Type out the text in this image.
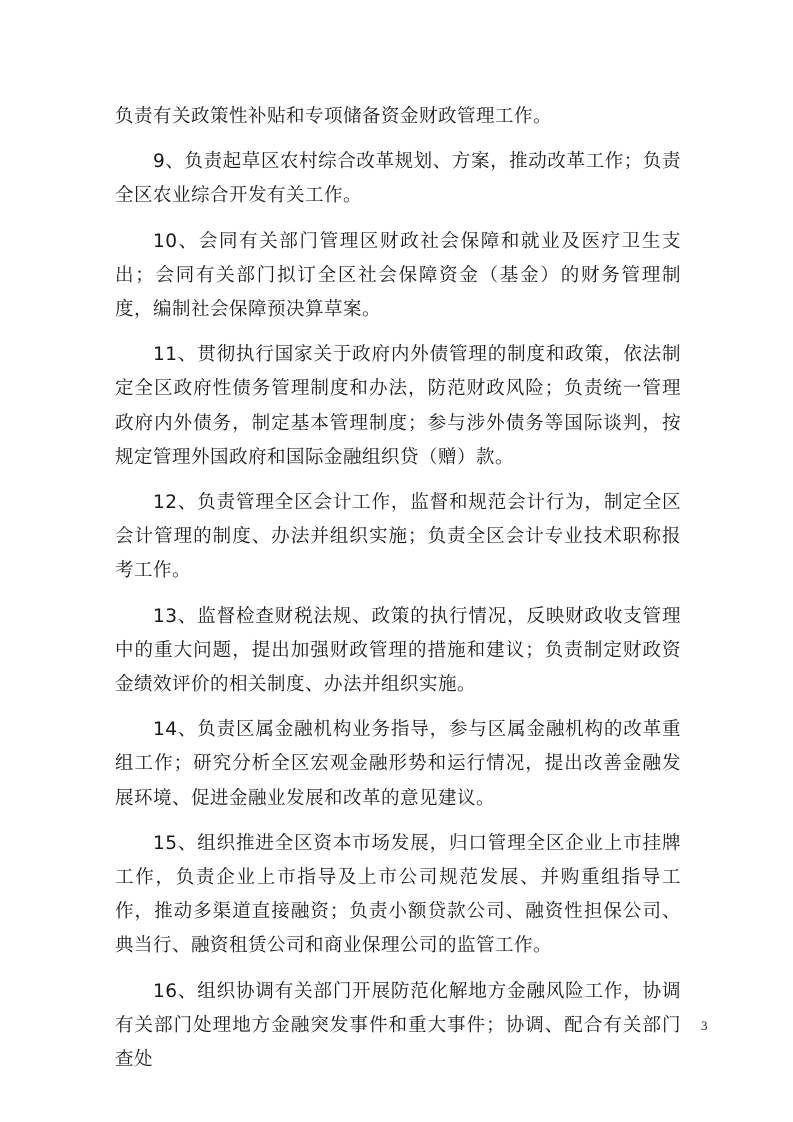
负责有关政策性补贴和专项储备资金财政管理工作。

9、负责起草区农村综合改革规划、方案，推动改革工作；负责全区农业综合开发有关工作。

10、会同有关部门管理区财政社会保障和就业及医疗卫生支出；会同有关部门拟订全区社会保障资金（基金）的财务管理制度，编制社会保障预决算草案。

11、贯彻执行国家关于政府内外债管理的制度和政策，依法制定全区政府性债务管理制度和办法，防范财政风险；负责统一管理政府内外债务，制定基本管理制度；参与涉外债务等国际谈判，按规定管理外国政府和国际金融组织贷（赠）款。

12、负责管理全区会计工作，监督和规范会计行为，制定全区会计管理的制度、办法并组织实施；负责全区会计专业技术职称报考工作。

13、监督检查财税法规、政策的执行情况，反映财政收支管理中的重大问题，提出加强财政管理的措施和建议；负责制定财政资金绩效评价的相关制度、办法并组织实施。

14、负责区属金融机构业务指导，参与区属金融机构的改革重组工作；研究分析全区宏观金融形势和运行情况，提出改善金融发展环境、促进金融业发展和改革的意见建议。

15、组织推进全区资本市场发展，归口管理全区企业上市挂牌工作，负责企业上市指导及上市公司规范发展、并购重组指导工作，推动多渠道直接融资；负责小额贷款公司、融资性担保公司、典当行、融资租赁公司和商业保理公司的监管工作。

16、组织协调有关部门开展防范化解地方金融风险工作，协调有关部门处理地方金融突发事件和重大事件；协调、配合有关部门查处

3
